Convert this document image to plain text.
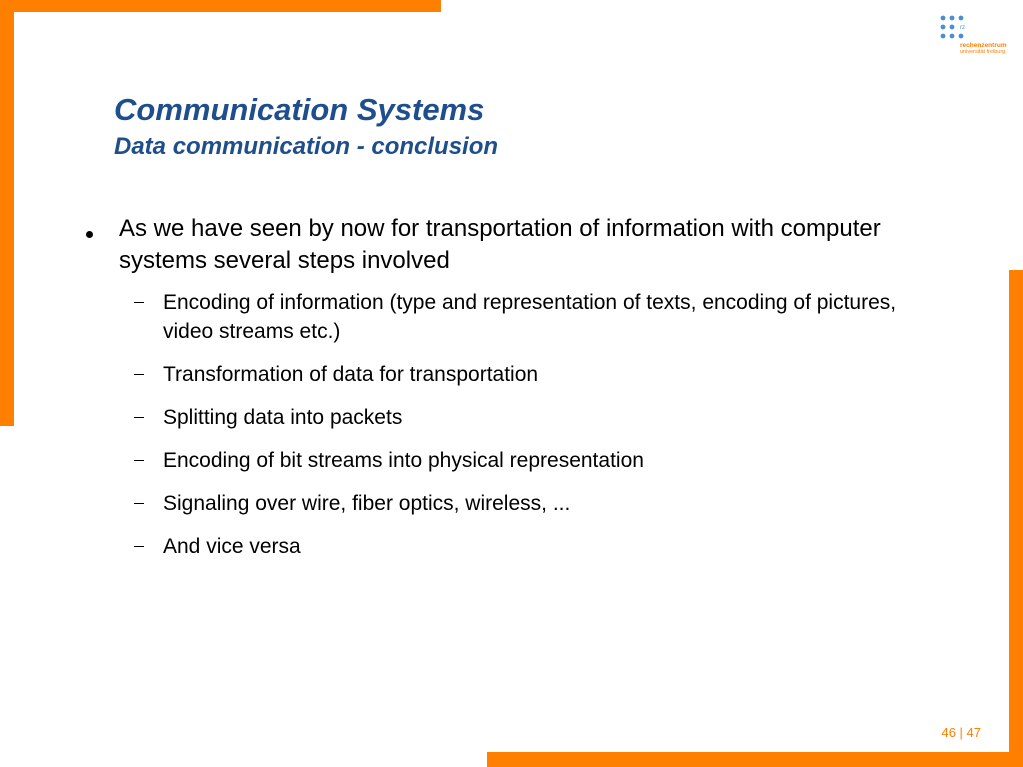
rz
rechenzentrum
universität freiburg
Communication Systems
Data communication - conclusion
As we have seen by now for transportation of information with computer systems several steps involved
Encoding of information (type and representation of texts, encoding of pictures, video streams etc.)
Transformation of data for transportation
Splitting data into packets
Encoding of bit streams into physical representation
Signaling over wire, fiber optics, wireless, ...
And vice versa
46 | 47
